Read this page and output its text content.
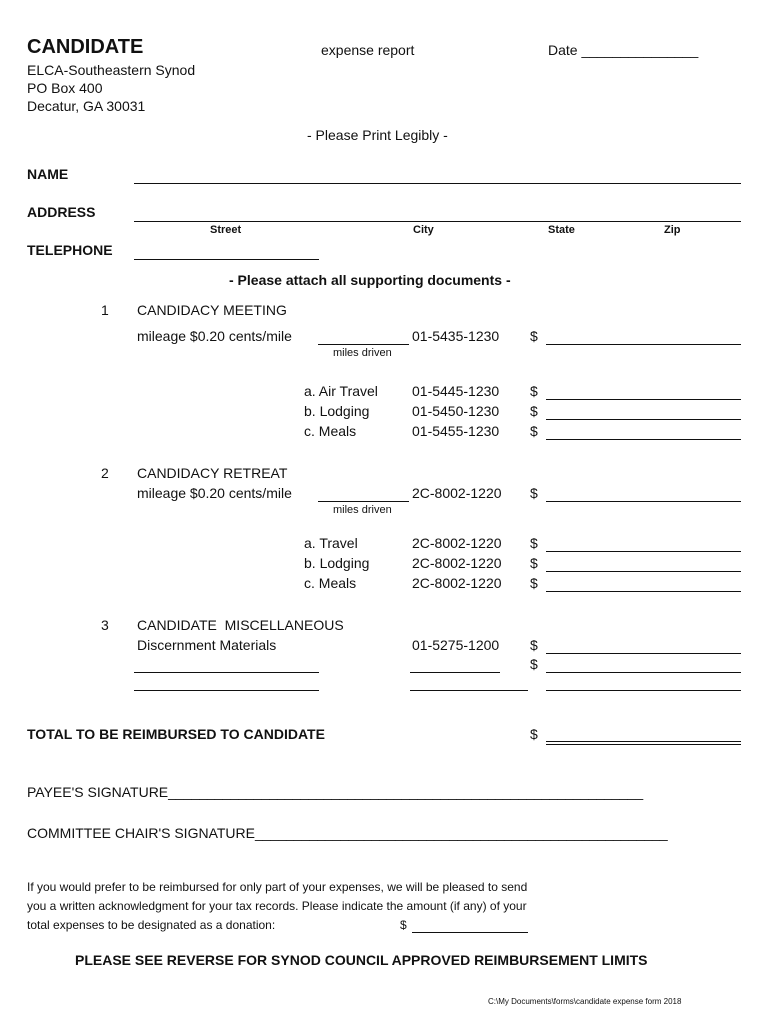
CANDIDATE	expense report	Date _______________
ELCA-Southeastern Synod
PO Box 400
Decatur, GA 30031
- Please Print Legibly -
NAME
ADDRESS
Street	City	State	Zip
TELEPHONE
- Please attach all supporting documents -
1 CANDIDACY MEETING
mileage $0.20 cents/mile	01-5435-1230 $
miles driven
a. Air Travel 01-5445-1230 $
b. Lodging	01-5450-1230 $
c. Meals	01-5455-1230 $
2 CANDIDACY RETREAT
mileage $0.20 cents/mile	2C-8002-1220 $
miles driven
a. Travel	2C-8002-1220 $
b. Lodging	2C-8002-1220 $
c. Meals	2C-8002-1220 $
3 CANDIDATE  MISCELLANEOUS
Discernment Materials	01-5275-1200 $
$
TOTAL TO BE REIMBURSED TO CANDIDATE	$
PAYEE'S SIGNATURE_____________________________________________________________
COMMITTEE CHAIR'S SIGNATURE_____________________________________________________
If you would prefer to be reimbursed for only part of your expenses, we will be pleased to send
you a written acknowledgment for your tax records. Please indicate the amount (if any) of your
total expenses to be designated as a donation:	$
PLEASE SEE REVERSE FOR SYNOD COUNCIL APPROVED REIMBURSEMENT LIMITS
C:\My Documents\forms\candidate expense form 2018
